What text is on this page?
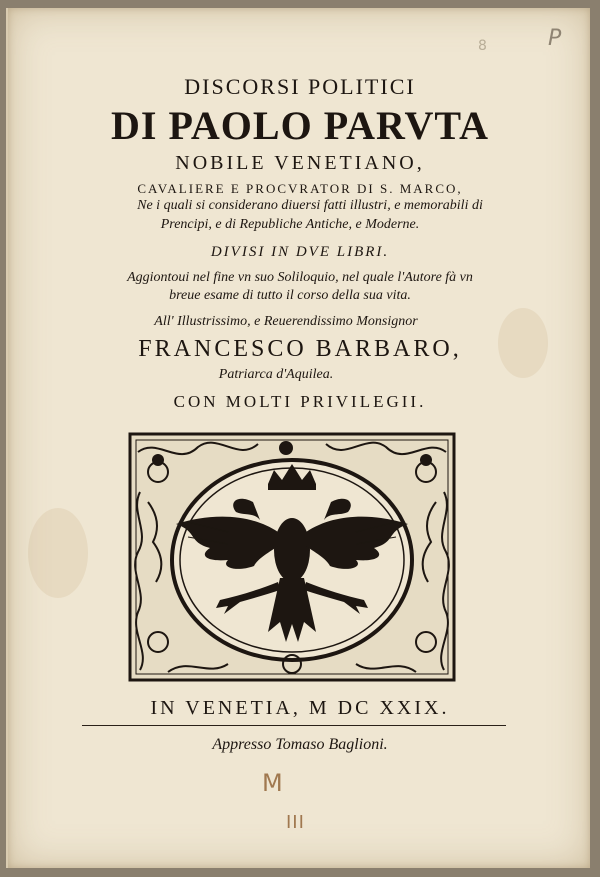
DISCORSI POLITICI
DI PAOLO PARVTA
NOBILE VENETIANO,
CAVALIERE E PROCVRATOR DI S. MARCO,
Ne i quali si considerano diuersi fatti illustri, e memorabili di
Prencipi, e di Republiche Antiche, e Moderne.
DIVISI IN DVE LIBRI.
Aggiontoui nel fine vn suo Soliloquio, nel quale l'Autore fà vn
breue esame di tutto il corso della sua vita.
All' Illustrissimo, e Reuerendissimo Monsignor
FRANCESCO BARBARO,
Patriarca d'Aquilea.
CON MOLTI PRIVILEGII.
IN VENETIA, M DC XXIX.
Appresso Tomaso Baglioni.
P
8
M
III
